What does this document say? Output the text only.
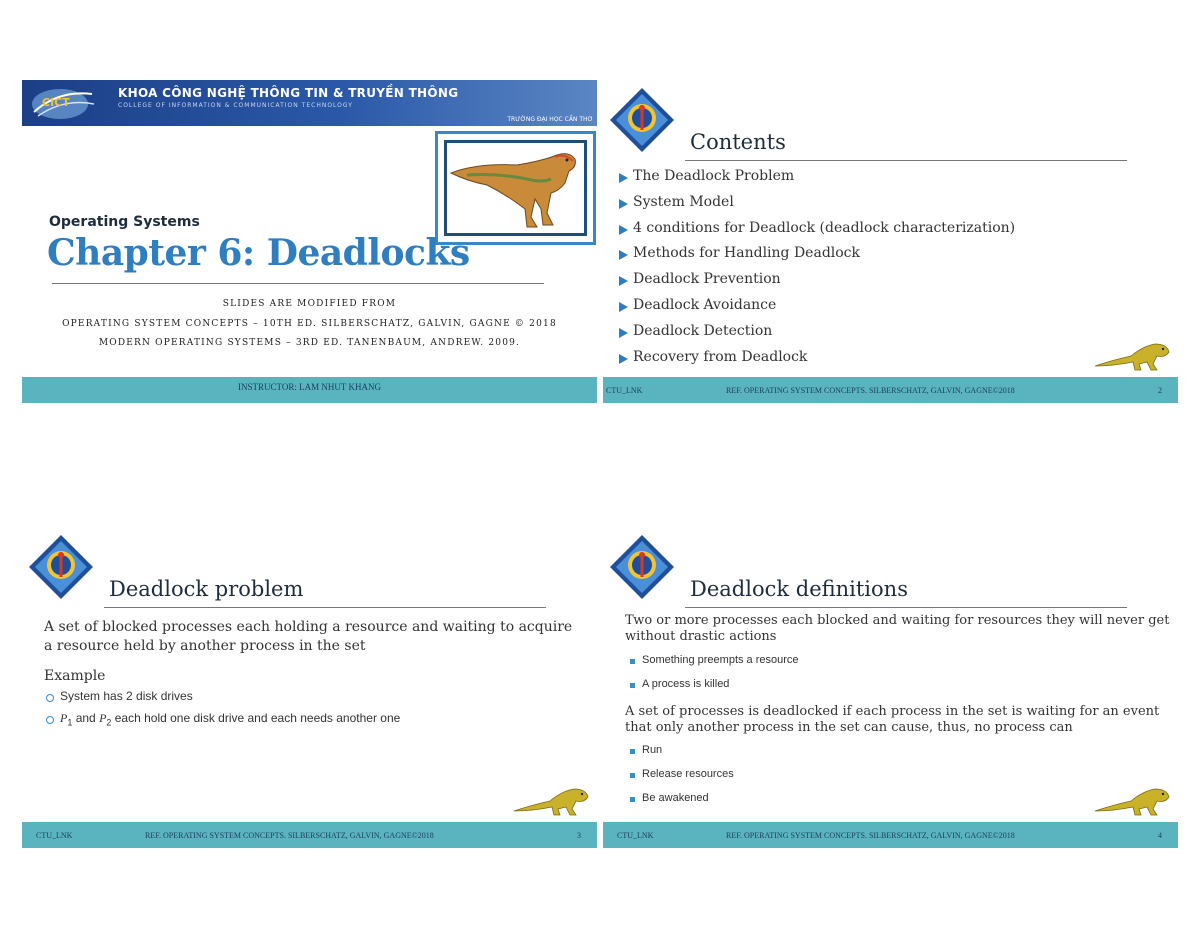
CICT
KHOA CÔNG NGHỆ THÔNG TIN & TRUYỀN THÔNG
COLLEGE OF INFORMATION & COMMUNICATION TECHNOLOGY
TRƯỜNG ĐẠI HỌC CẦN THƠ
Operating Systems
Chapter 6: Deadlocks
SLIDES ARE MODIFIED FROM
OPERATING SYSTEM CONCEPTS – 10TH ED. SILBERSCHATZ, GALVIN, GAGNE © 2018
MODERN OPERATING SYSTEMS – 3RD ED. TANENBAUM, ANDREW. 2009.
INSTRUCTOR: LAM NHUT KHANG
Contents
The Deadlock Problem
System Model
4 conditions for Deadlock (deadlock characterization)
Methods for Handling Deadlock
Deadlock Prevention
Deadlock Avoidance
Deadlock Detection
Recovery from Deadlock
CTU_LNK	REF. OPERATING SYSTEM CONCEPTS. SILBERSCHATZ, GALVIN, GAGNE©2018	2
Deadlock problem
A set of blocked processes each holding a resource and waiting to acquire a resource held by another process in the set
Example
System has 2 disk drives
$P_1$ and $P_2$ each hold one disk drive and each needs another one
CTU_LNK	REF. OPERATING SYSTEM CONCEPTS. SILBERSCHATZ, GALVIN, GAGNE©2018	3
Deadlock definitions
Two or more processes each blocked and waiting for resources they will never get without drastic actions
Something preempts a resource
A process is killed
A set of processes is deadlocked if each process in the set is waiting for an event that only another process in the set can cause, thus, no process can
Run
Release resources
Be awakened
CTU_LNK	REF. OPERATING SYSTEM CONCEPTS. SILBERSCHATZ, GALVIN, GAGNE©2018	4
